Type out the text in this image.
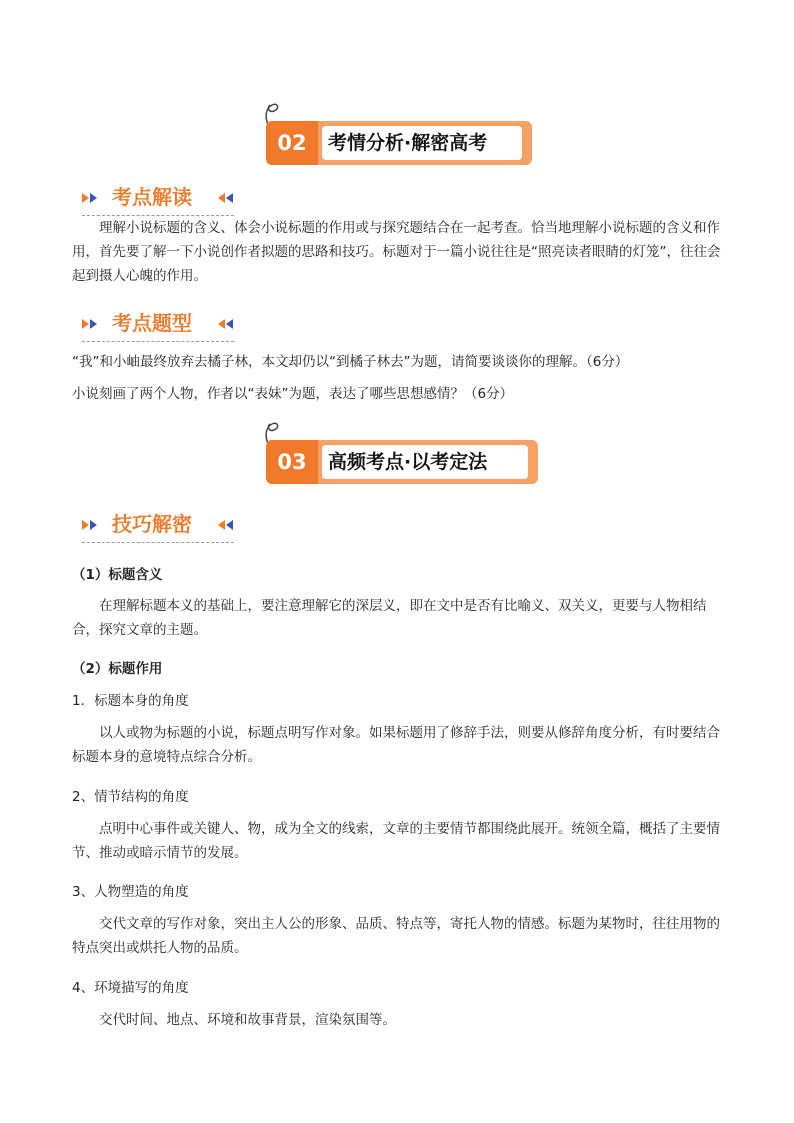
02	考情分析·解密高考
考点解读
理解小说标题的含义、体会小说标题的作用或与探究题结合在一起考查。恰当地理解小说标题的含义和作用，首先要了解一下小说创作者拟题的思路和技巧。标题对于一篇小说往往是“照亮读者眼睛的灯笼”，往往会起到摄人心魄的作用。
考点题型
“我”和小岫最终放弃去橘子林，本文却仍以“到橘子林去”为题，请简要谈谈你的理解。（6分）
小说刻画了两个人物，作者以“表妹”为题，表达了哪些思想感情？（6分）
03	高频考点·以考定法
技巧解密
（1）标题含义
在理解标题本义的基础上，要注意理解它的深层义，即在文中是否有比喻义、双关义，更要与人物相结合，探究文章的主题。
（2）标题作用
1．标题本身的角度
以人或物为标题的小说，标题点明写作对象。如果标题用了修辞手法，则要从修辞角度分析，有时要结合标题本身的意境特点综合分析。
2、情节结构的角度
点明中心事件或关键人、物，成为全文的线索，文章的主要情节都围绕此展开。统领全篇，概括了主要情节、推动或暗示情节的发展。
3、人物塑造的角度
交代文章的写作对象，突出主人公的形象、品质、特点等，寄托人物的情感。标题为某物时，往往用物的特点突出或烘托人物的品质。
4、环境描写的角度
交代时间、地点、环境和故事背景，渲染氛围等。
